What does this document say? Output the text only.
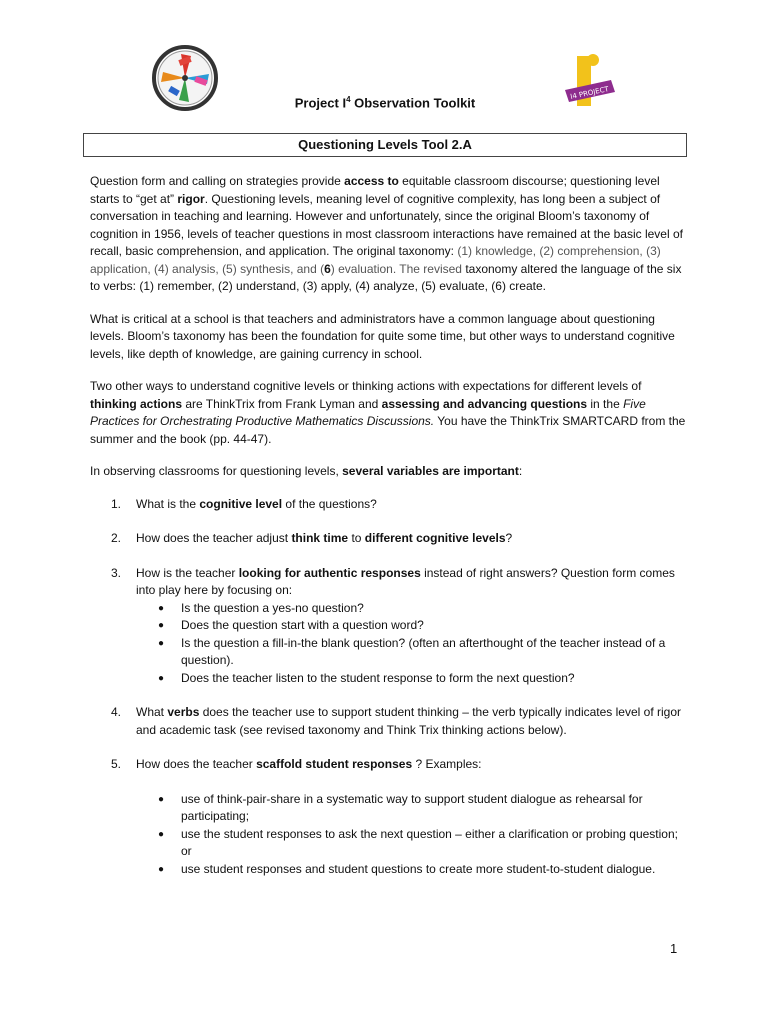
I4 PROJECT
Project $I^4$ Observation Toolkit
Questioning Levels Tool 2.A

Question form and calling on strategies provide access to equitable classroom discourse; questioning level starts to “get at” rigor. Questioning levels, meaning level of cognitive complexity, has long been a subject of conversation in teaching and learning. However and unfortunately, since the original Bloom’s taxonomy of cognition in 1956, levels of teacher questions in most classroom interactions have remained at the basic level of recall, basic comprehension, and application. The original taxonomy: (1) knowledge, (2) comprehension, (3) application, (4) analysis, (5) synthesis, and (6) evaluation. The revised taxonomy altered the language of the six to verbs: (1) remember, (2) understand, (3) apply, (4) analyze, (5) evaluate, (6) create.

What is critical at a school is that teachers and administrators have a common language about questioning levels. Bloom’s taxonomy has been the foundation for quite some time, but other ways to understand cognitive levels, like depth of knowledge, are gaining currency in school.

Two other ways to understand cognitive levels or thinking actions with expectations for different levels of thinking actions are ThinkTrix from Frank Lyman and assessing and advancing questions in the Five Practices for Orchestrating Productive Mathematics Discussions. You have the ThinkTrix SMARTCARD from the summer and the book (pp. 44-47).

In observing classrooms for questioning levels, several variables are important:

1. What is the cognitive level of the questions?
2. How does the teacher adjust think time to different cognitive levels?
3. How is the teacher looking for authentic responses instead of right answers? Question form comes into play here by focusing on:
● Is the question a yes-no question?
● Does the question start with a question word?
● Is the question a fill-in-the blank question? (often an afterthought of the teacher instead of a question).
● Does the teacher listen to the student response to form the next question?
4. What verbs does the teacher use to support student thinking – the verb typically indicates level of rigor and academic task (see revised taxonomy and Think Trix thinking actions below).
5. How does the teacher scaffold student responses ? Examples:
● use of think-pair-share in a systematic way to support student dialogue as rehearsal for participating;
● use the student responses to ask the next question – either a clarification or probing question; or
● use student responses and student questions to create more student-to-student dialogue.
1
